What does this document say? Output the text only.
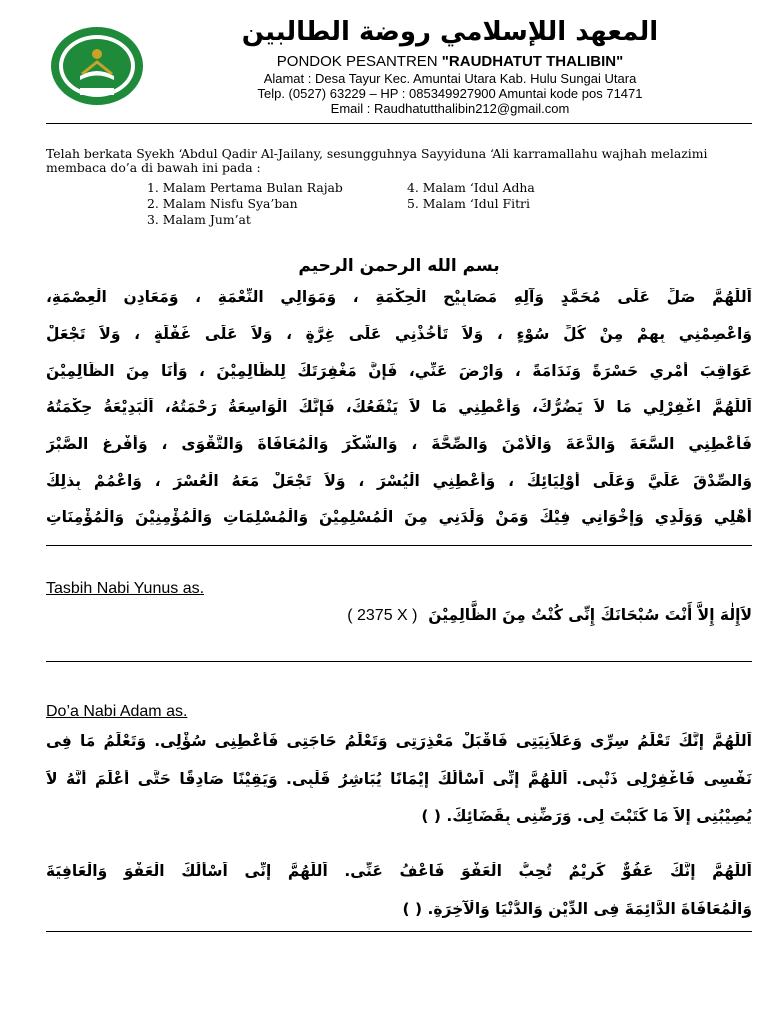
المعهد اللإسلامي روضة الطالبين
PONDOK PESANTREN "RAUDHATUT THALIBIN"
Alamat : Desa Tayur Kec. Amuntai Utara Kab. Hulu Sungai Utara
Telp. (0527) 63229 – HP : 085349927900 Amuntai kode pos 71471
Email : Raudhatutthalibin212@gmail.com
Telah berkata Syekh ‘Abdul Qadir Al-Jailany, sesungguhnya Sayyiduna ‘Ali karramallahu wajhah melazimi membaca do’a di bawah ini pada :
1. Malam Pertama Bulan Rajab
2. Malam Nisfu Sya’ban
3. Malam Jum’at
4. Malam ‘Idul Adha
5. Malam ‘Idul Fitri
بسم الله الرحمن الرحيم
اَللّٰهُمَّ صَلِّ عَلَى مُحَمَّدٍ وَآلِهِ مَصَابِيْحِ الْحِكْمَةِ ، وَمَوَالِي النِّعْمَةِ ، وَمَعَادِنِ الْعِصْمَةِ،
وَاعْصِمْنِي بِهِمْ مِنْ كُلِّ سُوْءٍ ، وَلاَ تَأْخُذْنِي عَلَى غِرَّةٍ ، وَلاَ عَلَى غَفْلَةٍ ، وَلاَ تَجْعَلْ
عَوَاقِبَ أَمْرِي حَسْرَةً وَنَدَامَةً ، وَارْضَ عَنِّي، فَإِنَّ مَغْفِرَتَكَ لِلظَّالِمِيْنَ ، وَأَنَا مِنَ الظَّالِمِيْنَ
اَللّٰهُمَّ اغْفِرْلِي مَا لاَ يَضُرُّكَ، وَأَعْطِنِي مَا لاَ يَنْفَعُكَ، فَإِنَّكَ الْوَاسِعَةُ رَحْمَتُهُ، اَلْبَدِيْعَةُ حِكْمَتُهُ
فَأَعْطِنِي السَّعَةَ وَالدَّعَةَ وَالْأَمْنَ وَالصِّحَّةَ ، وَالشُّكْرَ وَالْمُعَافَاةَ وَالتَّقْوَى ، وَأَفْرِغِ الصَّبْرَ
وَالصِّدْقَ عَلَيَّ وَعَلَى أَوْلِيَائِكَ ، وَأَعْطِنِي الْيُسْرَ ، وَلاَ تَجْعَلْ مَعَهُ الْعُسْرَ ، وَاعْمُمْ بِذلِكَ
أَهْلِي وَوَلَدِي وَإِخْوَانِي فِيْكَ وَمَنْ وَلَدَنِي مِنَ الْمُسْلِمِيْنَ وَالْمُسْلِمَاتِ وَالْمُؤْمِنِيْنَ وَالْمُؤْمِنَاتِ
Tasbih Nabi Yunus as.
لاَإِلٰهَ إِلاَّ أَنْتَ سُبْحَانَكَ إِنِّى كُنْتُ مِنَ الظَّالِمِيْنَ  ( 2375 X )
Do’a Nabi Adam as.
اَللّٰهُمَّ إِنَّكَ تَعْلَمُ سِرِّى وَعَلاَنِيَتِى فَاقْبَلْ مَعْذِرَتِى وَتَعْلَمُ حَاجَتِى فَأَعْطِنِى سُؤْلِى. وَتَعْلَمُ مَا فِى
نَفْسِى فَاغْفِرْلِى ذَنْبِى. اَللّٰهُمَّ إِنِّى اَسْأَلُكَ إِيْمَانًا يُبَاشِرُ قَلْبِى. وَيَقِيْنًا صَادِقًا حَتَّى أَعْلَمَ أَنَّهُ لاَ
يُصِيْبُنِى إِلاَّ مَا كَتَبْتَ لِى. وَرَضِّنِى بِقَضَائِكَ. ( )
اَللّٰهُمَّ إِنَّكَ عَفُوٌّ كَرِيْمٌ تُحِبُّ الْعَفْوَ فَاعْفُ عَنِّى. اَللّٰهُمَّ إِنِّى اَسْأَلُكَ الْعَفْوَ وَالْعَافِيَةَ
وَالْمُعَافَاةَ الدَّائِمَةَ فِى الدِّيْنِ وَالدُّنْيَا وَالْآخِرَةِ. ( )
